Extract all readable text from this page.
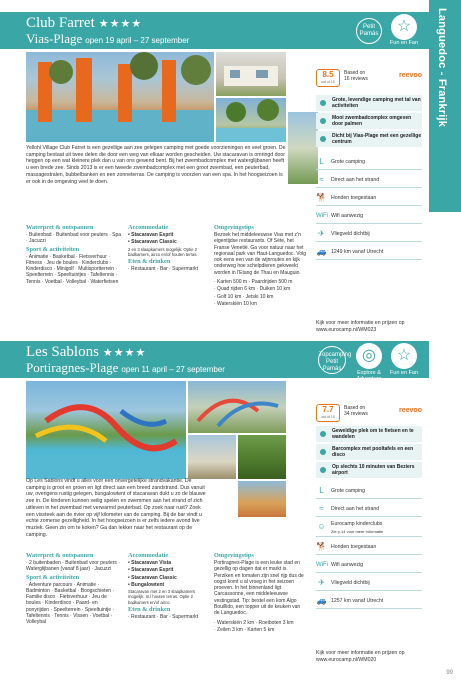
Languedoc - Frankrijk
Club Farret ★★★★
Vias-Plage open 19 april – 27 september
Petit Pamás	☆
Fun en Fan
Yellohl Village Club Farret is een gezellige aan zee gelegen camping met goede voorzieningen en veel groen. De camping bestaat uit twee delen die door een weg van elkaar worden gescheiden. Uw stacaravan is omringd door heggen op een wat kleinere plek dan u van ons gewend bent. Bij het zwembadcomplex met waterglijbanen heeft u een brede zee. Sinds 2013 is er een tweede zwembadcomplex met een groot zwembad, een peuterbad, massagestralen, bubbelbanken en een zonneterras. De camping is voorzien van een spa. In het hoogseizoen is er ook in de omgeving veel te doen.
Waterpret & ontspannen

· Buitenbad · Buitenbad voor peuters · Spa · Jacuzzi

Sport & activiteiten

· Animatie · Basketbal · Fietsverhuur · Fitness · Jeu de boules · Kinderclubs · Kinderdisco · Minigolf · Multisportterrein · Speelterrein · Speeltuintjes · Tafeltennis · Tennis · Voetbal · Volleybal · Waterfietsen

Accommodatie

• Stacaravan Esprit

• Stacaravan Classic

2 en 3 slaapkamers mogelijk. Optie 2 badkamers, airco en/of houten terras.

Eten & drinken

· Restaurant · Bar · Supermarkt

Omgevingstips

Bezoek het middeleeuwse Vias met z'n eigentijdse restaurants. Of Sète, het Franse Venetië. Ga voor natuur naar het regionaal park van Haut-Languedoc. Volg ook eens een van de wijnroutes en kijk onderweg hoe schelpdieren gekweekt worden in l'Etang de Thau en Mauguio.

· Karten 500 m · Paardrijden 500 m

· Quad rijden 6 km · Duiken 10 km

· Golf 10 km · Jetski 10 km

· Waterskiën 10 km

8.5
out of 10
Based on
16 reviews	reevoo
Grote, levendige camping met tal van activiteiten
Mooi zwembadcomplex omgeven door palmen
Dicht bij Vias-Plage met een gezellige centrum
L	Grote camping
≈	Direct aan het strand
🐕 Honden toegestaan
WiFi Wifi aanwezig
✈	Vliegveld dichtbij
🚙 1249 km vanaf Utrecht
Kijk voor meer informatie en prijzen op www.eurocamp.nl/WM023
Les Sablons ★★★★
Portiragnes-Plage open 11 april – 27 september
Topcamping Petit Pamás
◎
Explore & Adventure
☆
Fun en Fan
Op Les Sablons vindt u alles voor een onvergetelijke strandvakantie. De camping is groot en groen en ligt direct aan een breed zandstrand. Dus vanuit uw, overigens rustig gelegen, bungalowtent of stacaravan dukt u zo de blauwe zee in. De kinderen kunnen veilig spelen en zwemmen aan het strand of zich uitleven in het zwembad met verwarmd peuterbad. Op zoek naar rust? Zoek een vissteek aan de rivier op vijf kilometer van de camping. Bij de bar vindt u echte zomerse gezelligheid. In het hoogseizoen is er zelfs iedere avond live muziek. Geen zin om te koken? Ga dan lekker naar het restaurant op de camping.
Waterpret & ontspannen

· 2 buitenbaden · Buitenbad voor peuters · Waterglijbanen (vanaf 8 jaar) · Jacuzzi

Sport & activiteiten

· Adventure parcours · Animatie · Badminton · Basketbal · Boogschieten · Familie disco · Fietsverhuur · Jeu de boules · Kinderdisco · Paard- en ponyrijden · Speelterrein · Speeltuintje · Tafeltennis · Tennis · Vissen · Voetbal · Volleybal

Accommodatie

• Stacaravan Vista

• Stacaravan Esprit

• Stacaravan Classic

• Bungalowtent

Stacaravan met 2 en 3 slaapkamers mogelijk. In.l houten terras. Optie 2 badkamers en/of airco.

Eten & drinken

· Restaurant · Bar · Supermarkt

Omgevingstips

Portiragnes-Plage is een leuke stad en gezellig op dagen dat er markt is. Perziken en tomaten zijn snel rijp dus de oogst komt u al vroeg in het seizoen proeven. In het binnenland ligt Carcassonne, een middeleeuwse vestingstad. Tip: bestel een kom Aigo Bouillido, een topper uit de keuken van de Languedoc.

· Waterskiën 2 km · Roeiboten 3 km

· Zeilen 3 km · Karten 5 km

7.7
out of 10
Based on
34 reviews	reevoo
Geweldige plek om te fietsen en te wandelen
Barcomplex met pooltafels en een disco
Op slechts 10 minuten van Beziers airport
L	Grote camping
≈	Direct aan het strand
☺ Eurocamp kinderclubs
Zie p.14 voor meer informatie
🐕 Honden toegestaan
WiFi Wifi aanwezig
✈	Vliegveld dichtbij
🚙 1257 km vanaf Utrecht
Kijk voor meer informatie en prijzen op www.eurocamp.nl/WM020
99
